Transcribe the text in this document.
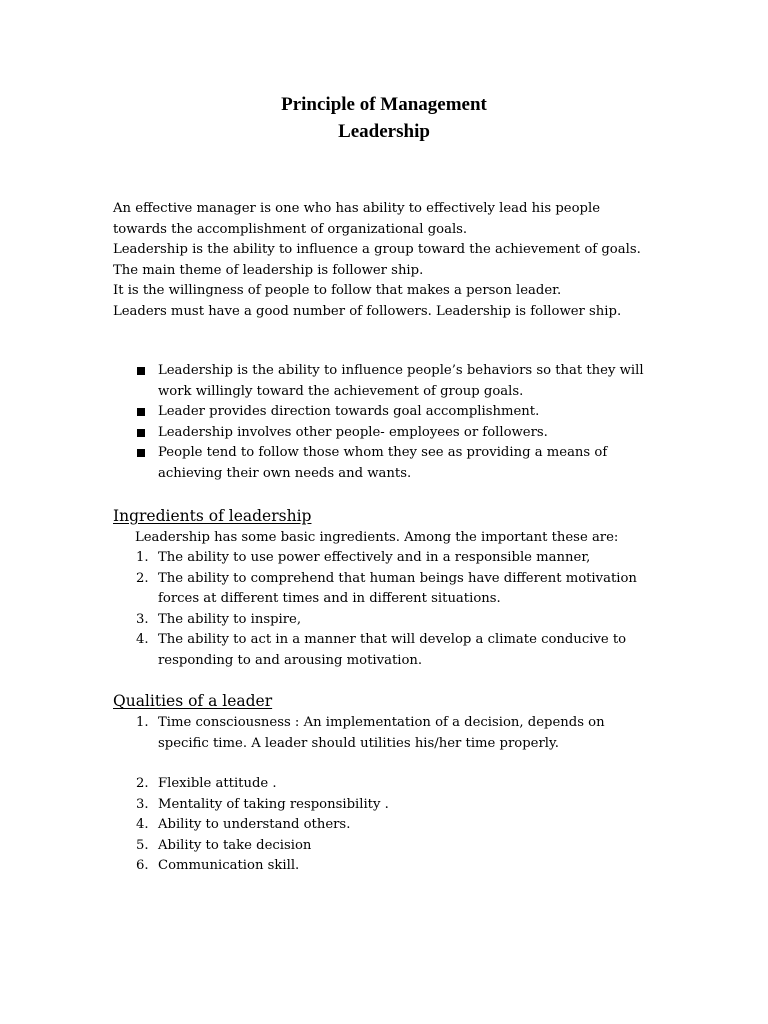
Principle of Management
Leadership
An effective manager is one who has ability to effectively lead his people
towards the accomplishment of organizational goals.
Leadership is the ability to influence a group toward the achievement of goals.
The main theme of leadership is follower ship.
It is the willingness of people to follow that makes a person leader.
Leaders must have a good number of followers. Leadership is follower ship.
Leadership is the ability to influence people’s behaviors so that they will
work willingly toward the achievement of group goals.
Leader provides direction towards goal accomplishment.
Leadership involves other people- employees or followers.
People tend to follow those whom they see as providing a means of
achieving their own needs and wants.
Ingredients of leadership
Leadership has some basic ingredients. Among the important these are:
1. The ability to use power effectively and in a responsible manner,
2. The ability to comprehend that human beings have different motivation
forces at different times and in different situations.
3. The ability to inspire,
4. The ability to act in a manner that will develop a climate conducive to
responding to and arousing motivation.
Qualities of a leader
1. Time consciousness : An implementation of a decision, depends on
specific time. A leader should utilities his/her time properly.
2. Flexible attitude .
3. Mentality of taking responsibility .
4. Ability to understand others.
5. Ability to take decision
6. Communication skill.
